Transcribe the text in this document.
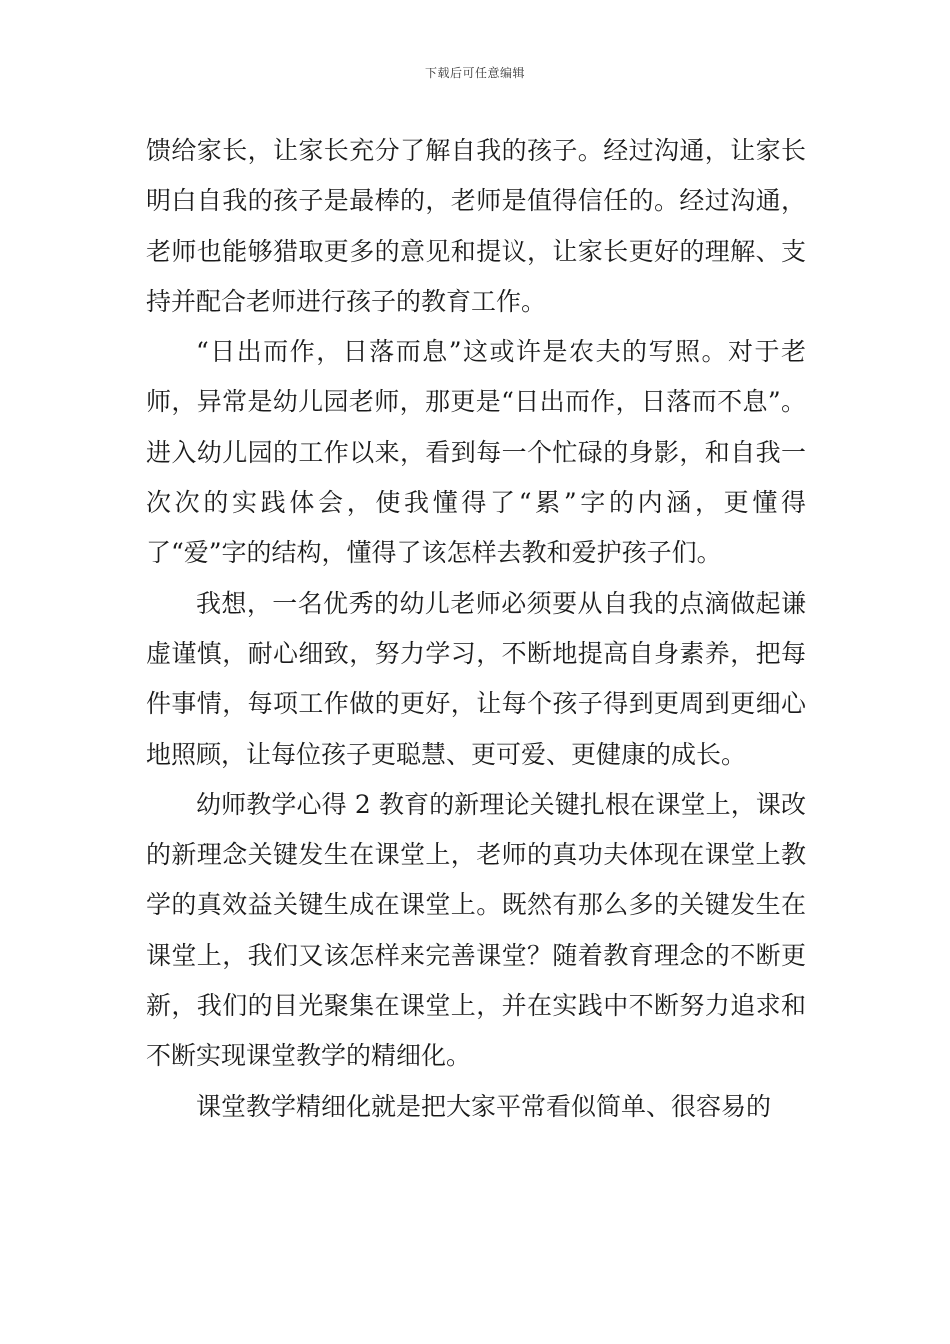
下载后可任意编辑

馈给家长，让家长充分了解自我的孩子。经过沟通，让家长明白自我的孩子是最棒的，老师是值得信任的。经过沟通，老师也能够猎取更多的意见和提议，让家长更好的理解、支持并配合老师进行孩子的教育工作。

“日出而作，日落而息”这或许是农夫的写照。对于老师，异常是幼儿园老师，那更是“日出而作，日落而不息”。进入幼儿园的工作以来，看到每一个忙碌的身影，和自我一次次的实践体会，使我懂得了“累”字的内涵，更懂得了“爱”字的结构，懂得了该怎样去教和爱护孩子们。

我想，一名优秀的幼儿老师必须要从自我的点滴做起谦虚谨慎，耐心细致，努力学习，不断地提高自身素养，把每件事情，每项工作做的更好，让每个孩子得到更周到更细心地照顾，让每位孩子更聪慧、更可爱、更健康的成长。

幼师教学心得 2 教育的新理论关键扎根在课堂上，课改的新理念关键发生在课堂上，老师的真功夫体现在课堂上教学的真效益关键生成在课堂上。既然有那么多的关键发生在课堂上，我们又该怎样来完善课堂？随着教育理念的不断更新，我们的目光聚集在课堂上，并在实践中不断努力追求和不断实现课堂教学的精细化。

课堂教学精细化就是把大家平常看似简单、很容易的
